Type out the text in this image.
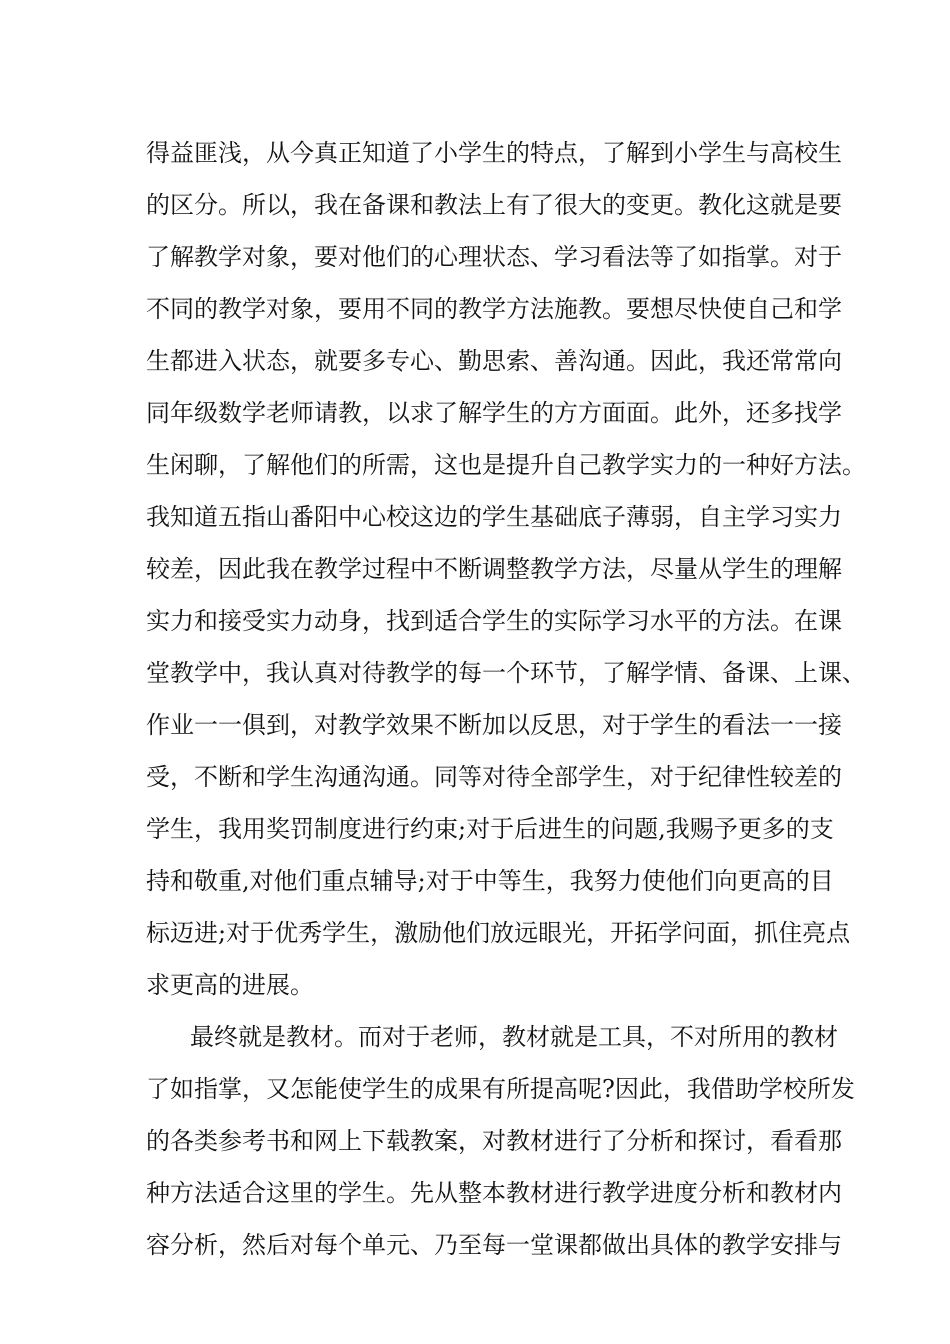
得益匪浅，从今真正知道了小学生的特点，了解到小学生与高校生
的区分。所以，我在备课和教法上有了很大的变更。教化这就是要
了解教学对象，要对他们的心理状态、学习看法等了如指掌。对于
不同的教学对象，要用不同的教学方法施教。要想尽快使自己和学
生都进入状态，就要多专心、勤思索、善沟通。因此，我还常常向
同年级数学老师请教，以求了解学生的方方面面。此外，还多找学
生闲聊，了解他们的所需，这也是提升自己教学实力的一种好方法。
我知道五指山番阳中心校这边的学生基础底子薄弱，自主学习实力
较差，因此我在教学过程中不断调整教学方法，尽量从学生的理解
实力和接受实力动身，找到适合学生的实际学习水平的方法。在课
堂教学中，我认真对待教学的每一个环节，了解学情、备课、上课、
作业一一俱到，对教学效果不断加以反思，对于学生的看法一一接
受，不断和学生沟通沟通。同等对待全部学生，对于纪律性较差的
学生，我用奖罚制度进行约束;对于后进生的问题,我赐予更多的支
持和敬重,对他们重点辅导;对于中等生，我努力使他们向更高的目
标迈进;对于优秀学生，激励他们放远眼光，开拓学问面，抓住亮点
求更高的进展。
最终就是教材。而对于老师，教材就是工具，不对所用的教材
了如指掌，又怎能使学生的成果有所提高呢?因此，我借助学校所发
的各类参考书和网上下载教案，对教材进行了分析和探讨，看看那
种方法适合这里的学生。先从整本教材进行教学进度分析和教材内
容分析，然后对每个单元、乃至每一堂课都做出具体的教学安排与
